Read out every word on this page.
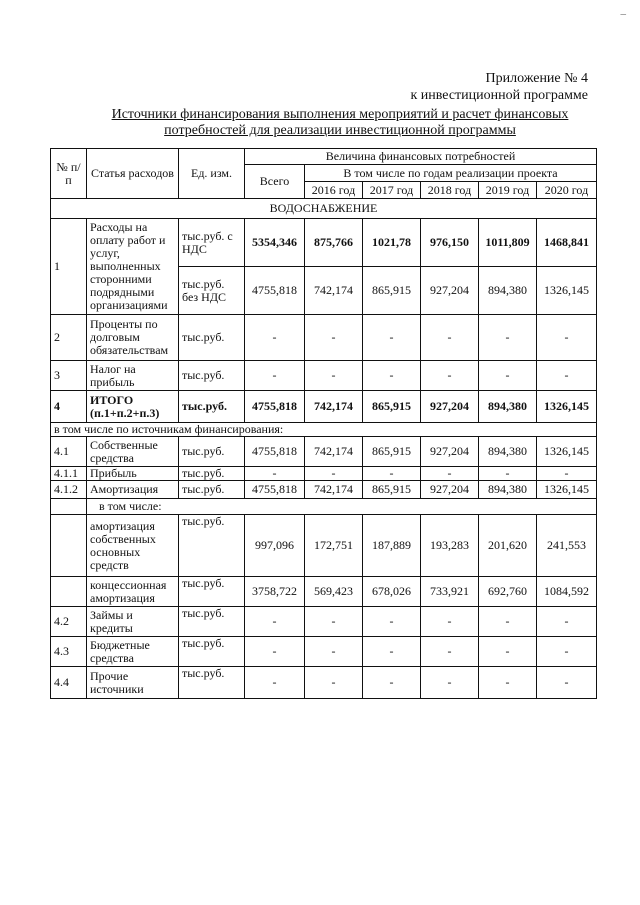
–
Приложение № 4
к инвестиционной программе
Источники финансирования выполнения мероприятий и расчет финансовых
потребностей для реализации инвестиционной программы
№ п/п	Статья расходов	Ед. изм.	Величина финансовых потребностей					
			Всего	В том числе по годам реализации проекта				
				2016 год	2017 год	2018 год	2019 год	2020 год
ВОДОСНАБЖЕНИЕ								
1	Расходы на оплату работ и услуг, выполненных сторонними подрядными организациями	тыс.руб. с НДС	5354,346	875,766	1021,78	976,150	1011,809	1468,841
		тыс.руб. без НДС	4755,818	742,174	865,915	927,204	894,380	1326,145
2	Проценты по долговым обязательствам	тыс.руб.	-	-	-	-	-	-
3	Налог на прибыль	тыс.руб.	-	-	-	-	-	-
4	ИТОГО (п.1+п.2+п.3)	тыс.руб.	4755,818	742,174	865,915	927,204	894,380	1326,145
в том числе по источникам финансирования:								
4.1	Собственные средства	тыс.руб.	4755,818	742,174	865,915	927,204	894,380	1326,145
4.1.1	Прибыль	тыс.руб.	-	-	-	-	-	-
4.1.2	Амортизация	тыс.руб.	4755,818	742,174	865,915	927,204	894,380	1326,145
	в том числе:							
	амортизация собственных основных средств	тыс.руб.	997,096	172,751	187,889	193,283	201,620	241,553
	концессионная амортизация	тыс.руб.	3758,722	569,423	678,026	733,921	692,760	1084,592
4.2	Займы и кредиты	тыс.руб.	-	-	-	-	-	-
4.3	Бюджетные средства	тыс.руб.	-	-	-	-	-	-
4.4	Прочие источники	тыс.руб.	-	-	-	-	-	-
